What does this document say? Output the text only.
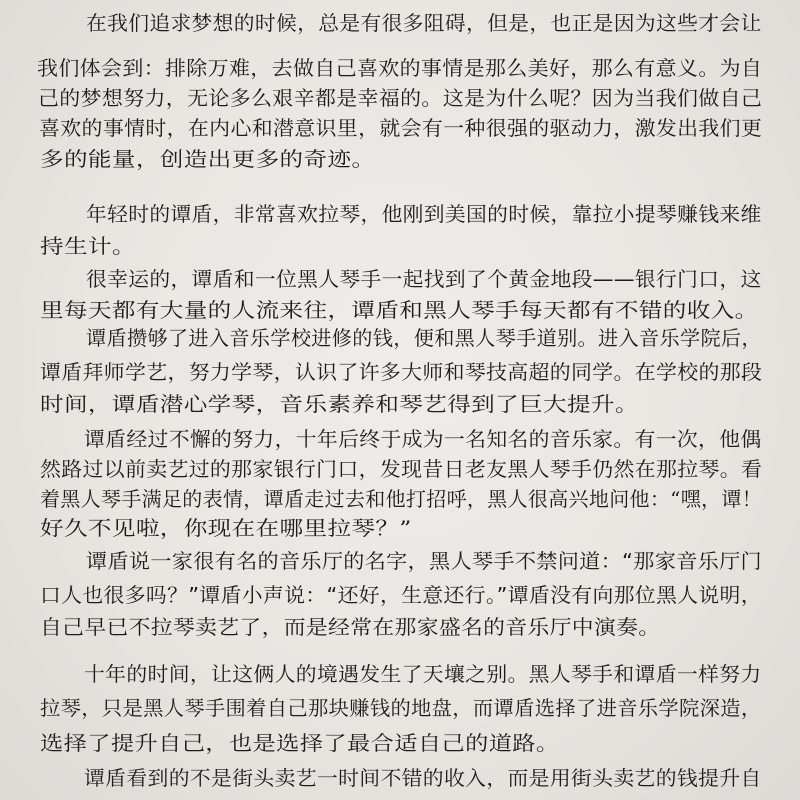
在我们追求梦想的时候，总是有很多阻碍，但是，也正是因为这些才会让
我们体会到：排除万难，去做自己喜欢的事情是那么美好，那么有意义。为自
己的梦想努力，无论多么艰辛都是幸福的。这是为什么呢？因为当我们做自己
喜欢的事情时，在内心和潜意识里，就会有一种很强的驱动力，激发出我们更
多的能量，创造出更多的奇迹。
年轻时的谭盾，非常喜欢拉琴，他刚到美国的时候，靠拉小提琴赚钱来维
持生计。
很幸运的，谭盾和一位黑人琴手一起找到了个黄金地段——银行门口，这
里每天都有大量的人流来往，谭盾和黑人琴手每天都有不错的收入。
谭盾攒够了进入音乐学校进修的钱，便和黑人琴手道别。进入音乐学院后，
谭盾拜师学艺，努力学琴，认识了许多大师和琴技高超的同学。在学校的那段
时间，谭盾潜心学琴，音乐素养和琴艺得到了巨大提升。
谭盾经过不懈的努力，十年后终于成为一名知名的音乐家。有一次，他偶
然路过以前卖艺过的那家银行门口，发现昔日老友黑人琴手仍然在那拉琴。看
着黑人琴手满足的表情，谭盾走过去和他打招呼，黑人很高兴地问他：“嘿，谭！
好久不见啦，你现在在哪里拉琴？”
谭盾说一家很有名的音乐厅的名字，黑人琴手不禁问道：“那家音乐厅门
口人也很多吗？”谭盾小声说：“还好，生意还行。”谭盾没有向那位黑人说明，
自己早已不拉琴卖艺了，而是经常在那家盛名的音乐厅中演奏。
十年的时间，让这俩人的境遇发生了天壤之别。黑人琴手和谭盾一样努力
拉琴，只是黑人琴手围着自己那块赚钱的地盘，而谭盾选择了进音乐学院深造，
选择了提升自己，也是选择了最合适自己的道路。
谭盾看到的不是街头卖艺一时间不错的收入，而是用街头卖艺的钱提升自
